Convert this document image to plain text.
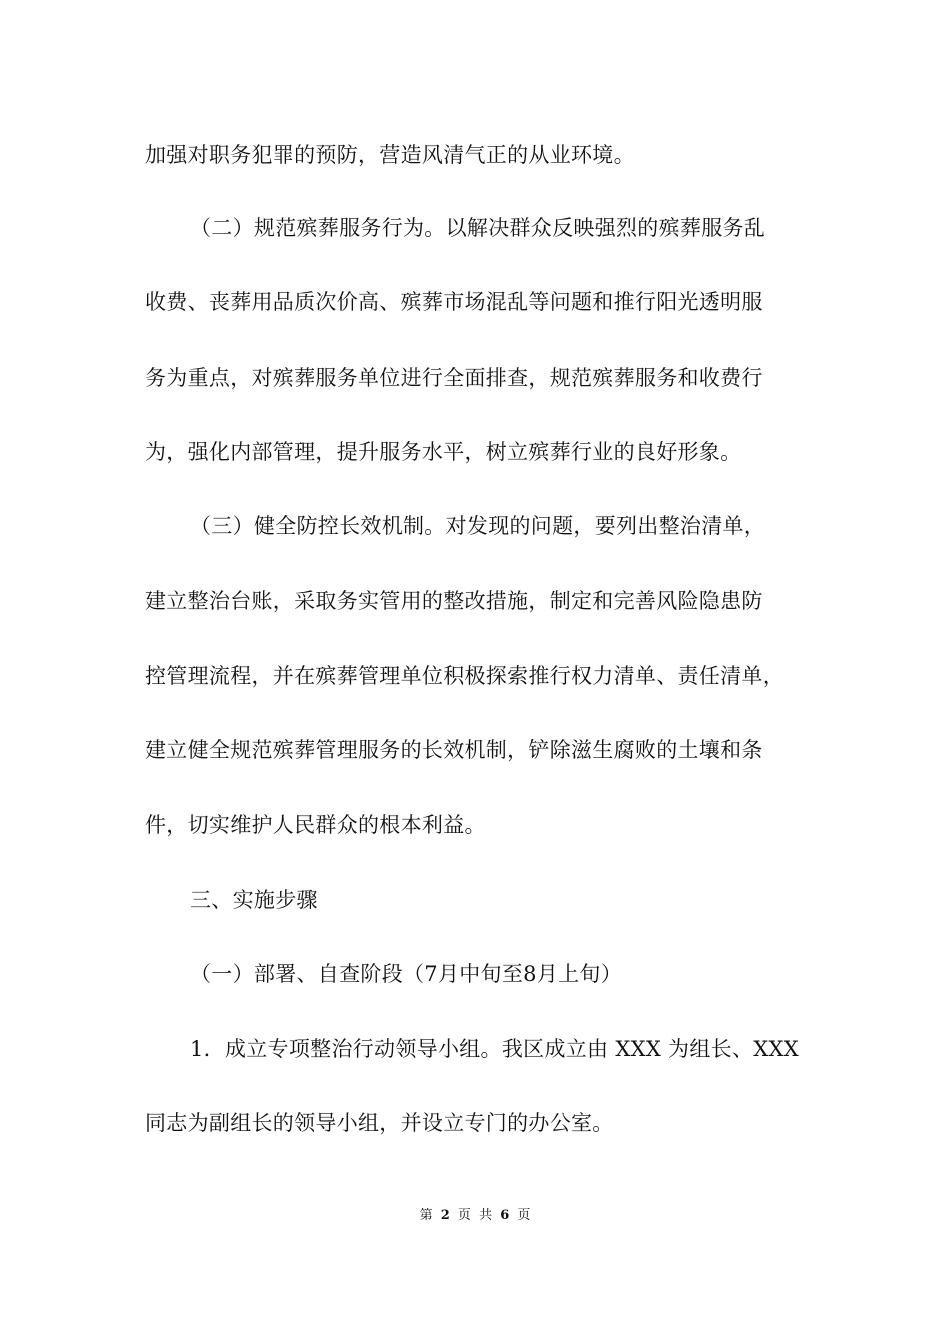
加强对职务犯罪的预防，营造风清气正的从业环境。
（二）规范殡葬服务行为。以解决群众反映强烈的殡葬服务乱
收费、丧葬用品质次价高、殡葬市场混乱等问题和推行阳光透明服
务为重点，对殡葬服务单位进行全面排查，规范殡葬服务和收费行
为，强化内部管理，提升服务水平，树立殡葬行业的良好形象。
（三）健全防控长效机制。对发现的问题，要列出整治清单，
建立整治台账，采取务实管用的整改措施，制定和完善风险隐患防
控管理流程，并在殡葬管理单位积极探索推行权力清单、责任清单，
建立健全规范殡葬管理服务的长效机制，铲除滋生腐败的土壤和条
件，切实维护人民群众的根本利益。
三、实施步骤
（一）部署、自查阶段（7月中旬至8月上旬）
1．成立专项整治行动领导小组。我区成立由 XXX 为组长、XXX
同志为副组长的领导小组，并设立专门的办公室。
第 2 页 共 6 页
